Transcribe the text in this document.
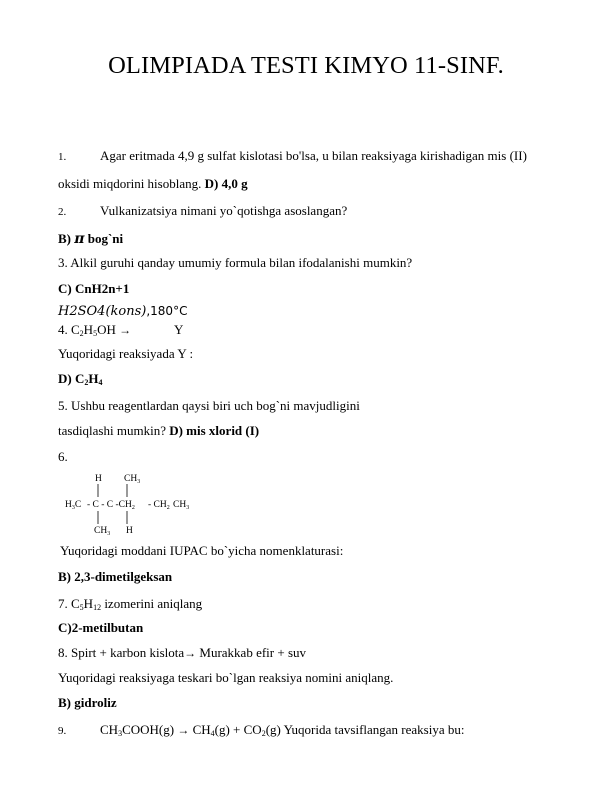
OLIMPIADA TESTI KIMYO 11-SINF.
1.	Agar eritmada 4,9 g sulfat kislotasi bo'lsa, u bilan reaksiyaga kirishadigan mis (II)
oksidi miqdorini hisoblang. D) 4,0 g
2.	Vulkanizatsiya nimani yo`qotishga asoslangan?
B) π bog`ni
3. Alkil guruhi qanday umumiy formula bilan ifodalanishi mumkin?
C) CnH2n+1
H2SO4(kons),180°C
4. $C_2H_5OH$ →	Y
Yuqoridagi reaksiyada Y :
D) $C_2H_4$
5. Ushbu reagentlardan qaysi biri uch bog`ni mavjudligini
tasdiqlashi mumkin? D) mis xlorid (I)
6.
H $CH_3$
$H_3C$ - C - C $-CH_2 - CH_2$ $CH_3$
$CH_3$ H
Yuqoridagi moddani IUPAC bo`yicha nomenklaturasi:
B) 2,3-dimetilgeksan
7. $C_5H_{12}$ izomerini aniqlang
C)2-metilbutan
8. Spirt + karbon kislota→ Murakkab efir + suv
Yuqoridagi reaksiyaga teskari bo`lgan reaksiya nomini aniqlang.
B) gidroliz
9.	$CH_3COOH(g) \to CH_4(g) + CO_2(g)$ Yuqorida tavsiflangan reaksiya bu:
